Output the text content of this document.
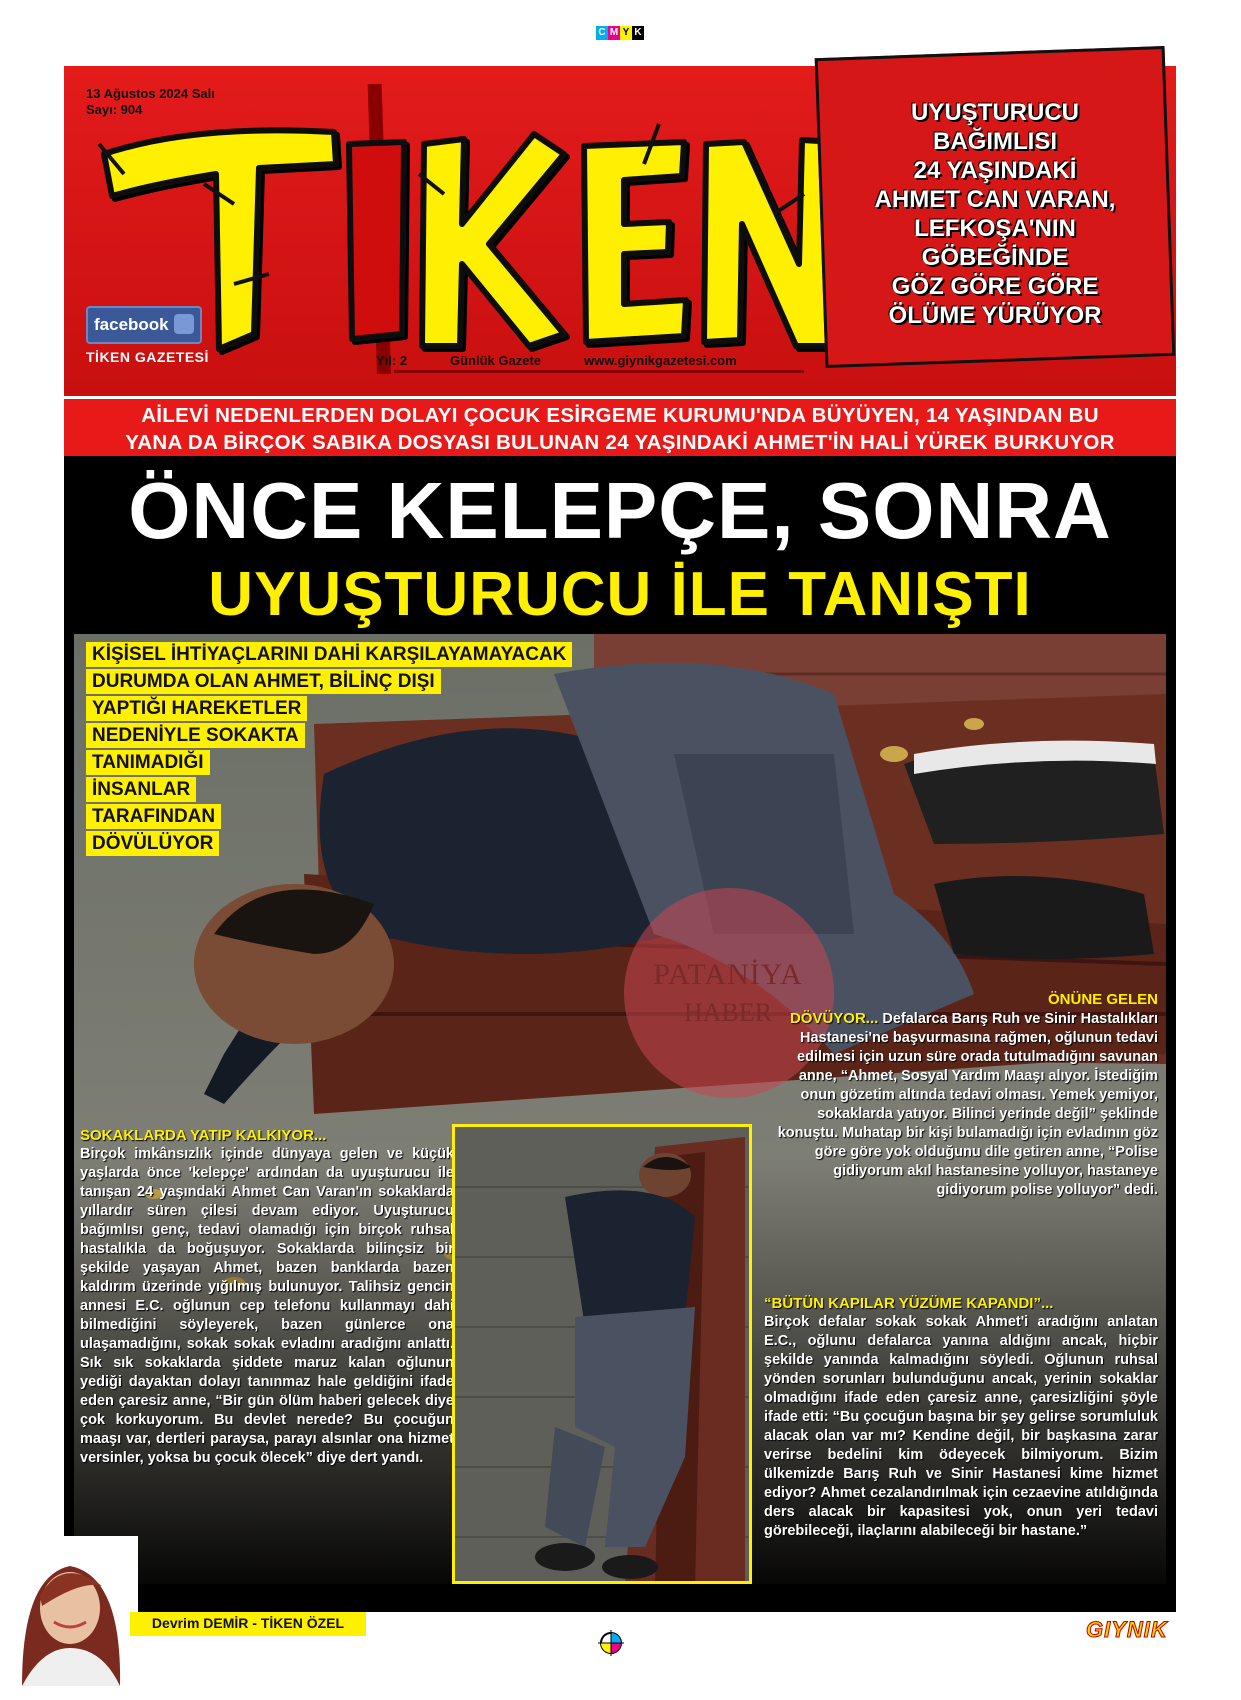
C M Y K
13 Ağustos 2024 Salı
Sayı: 904
facebook
TİKEN GAZETESİ	Yıl: 2	Günlük Gazete	www.giynikgazetesi.com
UYUŞTURUCU
BAĞIMLISI
24 YAŞINDAKİ
AHMET CAN VARAN,
LEFKOŞA'NIN
GÖBEĞİNDE
GÖZ GÖRE GÖRE
ÖLÜME YÜRÜYOR
AİLEVİ NEDENLERDEN DOLAYI ÇOCUK ESİRGEME KURUMU'NDA BÜYÜYEN, 14 YAŞINDAN BU
YANA DA BİRÇOK SABIKA DOSYASI BULUNAN 24 YAŞINDAKİ AHMET'İN HALİ YÜREK BURKUYOR
ÖNCE KELEPÇE, SONRA
UYUŞTURUCU İLE TANIŞTI
KİŞİSEL İHTİYAÇLARINI DAHİ KARŞILAYAMAYACAK
DURUMDA OLAN AHMET, BİLİNÇ DIŞI
YAPTIĞI HAREKETLER
NEDENİYLE SOKAKTA
TANIMADIĞI
İNSANLAR
TARAFINDAN
DÖVÜLÜYOR
PATANİYA
HABER
SOKAKLARDA YATIP KALKIYOR...
Birçok imkânsızlık içinde dünyaya gelen ve küçük yaşlarda önce 'kelepçe' ardından da uyuşturucu ile tanışan 24 yaşındaki Ahmet Can Varan'ın sokaklarda yıllardır süren çilesi devam ediyor. Uyuşturucu bağımlısı genç, tedavi olamadığı için birçok ruhsal hastalıkla da boğuşuyor. Sokaklarda bilinçsiz bir şekilde yaşayan Ahmet, bazen banklarda bazen kaldırım üzerinde yığılmış bulunuyor. Talihsiz gencin annesi E.C. oğlunun cep telefonu kullanmayı dahi bilmediğini söyleyerek, bazen günlerce ona ulaşamadığını, sokak sokak evladını aradığını anlattı. Sık sık sokaklarda şiddete maruz kalan oğlunun yediği dayaktan dolayı tanınmaz hale geldiğini ifade eden çaresiz anne, “Bir gün ölüm haberi gelecek diye çok korkuyorum. Bu devlet nerede? Bu çocuğun maaşı var, dertleri paraysa, parayı alsınlar ona hizmet versinler, yoksa bu çocuk ölecek” diye dert yandı.
ÖNÜNE GELEN
DÖVÜYOR... Defalarca Barış Ruh ve Sinir Hastalıkları Hastanesi'ne başvurmasına rağmen, oğlunun tedavi edilmesi için uzun süre orada tutulmadığını savunan anne, “Ahmet, Sosyal Yardım Maaşı alıyor. İstediğim onun gözetim altında tedavi olması. Yemek yemiyor, sokaklarda yatıyor. Bilinci yerinde değil” şeklinde konuştu. Muhatap bir kişi bulamadığı için evladının göz göre göre yok olduğunu dile getiren anne, “Polise gidiyorum akıl hastanesine yolluyor, hastaneye gidiyorum polise yolluyor” dedi.
“BÜTÜN KAPILAR YÜZÜME KAPANDI”...
Birçok defalar sokak sokak Ahmet'i aradığını anlatan E.C., oğlunu defalarca yanına aldığını ancak, hiçbir şekilde yanında kalmadığını söyledi. Oğlunun ruhsal yönden sorunları bulunduğunu ancak, yerinin sokaklar olmadığını ifade eden çaresiz anne, çaresizliğini şöyle ifade etti: “Bu çocuğun başına bir şey gelirse sorumluluk alacak olan var mı? Kendine değil, bir başkasına zarar verirse bedelini kim ödeyecek bilmiyorum. Bizim ülkemizde Barış Ruh ve Sinir Hastanesi kime hizmet ediyor? Ahmet cezalandırılmak için cezaevine atıldığında ders alacak bir kapasitesi yok, onun yeri tedavi görebileceği, ilaçlarını alabileceği bir hastane.”
Devrim DEMİR - TİKEN ÖZEL	GIYNIK
